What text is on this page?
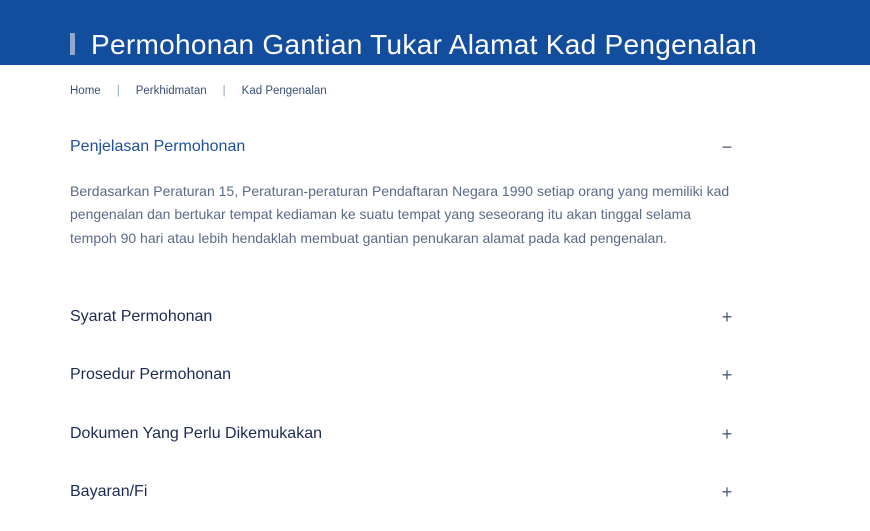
Permohonan Gantian Tukar Alamat Kad Pengenalan
Home | Perkhidmatan | Kad Pengenalan
Penjelasan Permohonan	−
Berdasarkan Peraturan 15, Peraturan-peraturan Pendaftaran Negara 1990 setiap orang yang memiliki kad pengenalan dan bertukar tempat kediaman ke suatu tempat yang seseorang itu akan tinggal selama tempoh 90 hari atau lebih hendaklah membuat gantian penukaran alamat pada kad pengenalan.
Syarat Permohonan	+
Prosedur Permohonan	+
Dokumen Yang Perlu Dikemukakan	+
Bayaran/Fi	+
